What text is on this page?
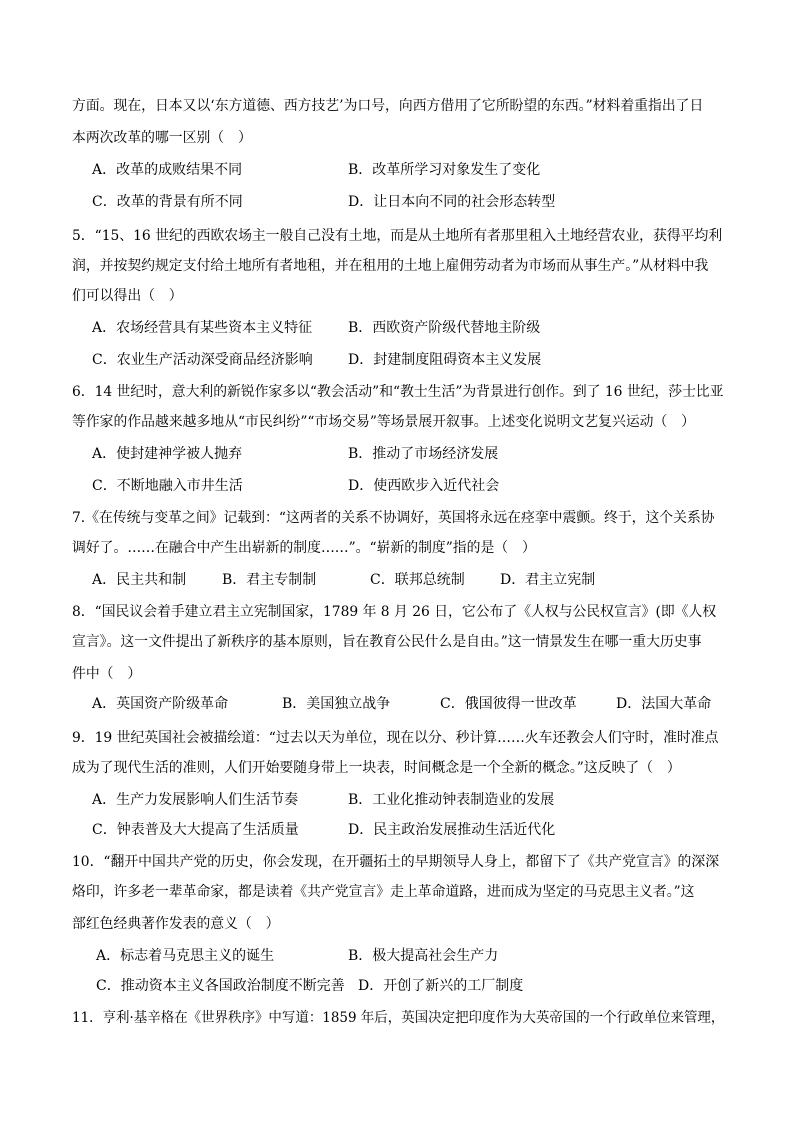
方面。现在，日本又以‘东方道德、西方技艺’为口号，向西方借用了它所盼望的东西。”材料着重指出了日
本两次改革的哪一区别（　）
A．改革的成败结果不同	B．改革所学习对象发生了变化
C．改革的背景有所不同	D．让日本向不同的社会形态转型
5．“15、16 世纪的西欧农场主一般自己没有土地，而是从土地所有者那里租入土地经营农业，获得平均利
润，并按契约规定支付给土地所有者地租，并在租用的土地上雇佣劳动者为市场而从事生产。”从材料中我
们可以得出（　）
A．农场经营具有某些资本主义特征	B．西欧资产阶级代替地主阶级
C．农业生产活动深受商品经济影响	D．封建制度阻碍资本主义发展
6．14 世纪时，意大利的新锐作家多以“教会活动”和“教士生活”为背景进行创作。到了 16 世纪，莎士比亚
等作家的作品越来越多地从“市民纠纷”“市场交易”等场景展开叙事。上述变化说明文艺复兴运动（　）
A．使封建神学被人抛弃	B．推动了市场经济发展
C．不断地融入市井生活	D．使西欧步入近代社会
7.《在传统与变革之间》记载到：“这两者的关系不协调好，英国将永远在痉挛中震颤。终于，这个关系协
调好了。……在融合中产生出崭新的制度……”。“崭新的制度”指的是（　）
A．民主共和制	B．君主专制制	C．联邦总统制	D．君主立宪制
8．“国民议会着手建立君主立宪制国家，1789 年 8 月 26 日，它公布了《人权与公民权宣言》(即《人权
宣言》。这一文件提出了新秩序的基本原则，旨在教育公民什么是自由。”这一情景发生在哪一重大历史事
件中（　）
A．英国资产阶级革命	B．美国独立战争	C．俄国彼得一世改革	D．法国大革命
9．19 世纪英国社会被描绘道：“过去以天为单位，现在以分、秒计算……火车还教会人们守时，准时准点
成为了现代生活的准则，人们开始要随身带上一块表，时间概念是一个全新的概念。”这反映了（　）
A．生产力发展影响人们生活节奏	B．工业化推动钟表制造业的发展
C．钟表普及大大提高了生活质量	D．民主政治发展推动生活近代化
10．“翻开中国共产党的历史，你会发现，在开疆拓土的早期领导人身上，都留下了《共产党宣言》的深深
烙印，许多老一辈革命家，都是读着《共产党宣言》走上革命道路，进而成为坚定的马克思主义者。”这
部红色经典著作发表的意义（　）
A．标志着马克思主义的诞生	B．极大提高社会生产力
C．推动资本主义各国政治制度不断完善 D．开创了新兴的工厂制度
11．亨利·基辛格在《世界秩序》中写道：1859 年后，英国决定把印度作为大英帝国的一个行政单位来管理，
